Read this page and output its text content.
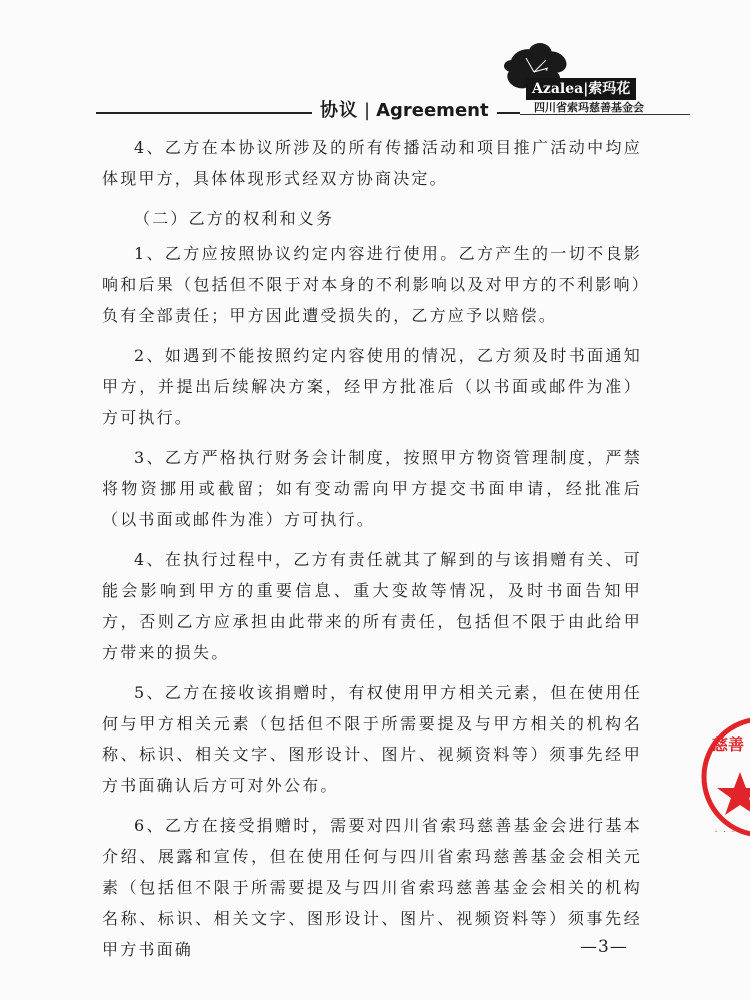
协议 | Agreement
Azalea|索玛花
四川省索玛慈善基金会

4、乙方在本协议所涉及的所有传播活动和项目推广活动中均应体现甲方，具体体现形式经双方协商决定。

（二）乙方的权利和义务

1、乙方应按照协议约定内容进行使用。乙方产生的一切不良影响和后果（包括但不限于对本身的不利影响以及对甲方的不利影响）负有全部责任；甲方因此遭受损失的，乙方应予以赔偿。

2、如遇到不能按照约定内容使用的情况，乙方须及时书面通知甲方，并提出后续解决方案，经甲方批准后（以书面或邮件为准）方可执行。

3、乙方严格执行财务会计制度，按照甲方物资管理制度，严禁将物资挪用或截留；如有变动需向甲方提交书面申请，经批准后（以书面或邮件为准）方可执行。

4、在执行过程中，乙方有责任就其了解到的与该捐赠有关、可能会影响到甲方的重要信息、重大变故等情况，及时书面告知甲方，否则乙方应承担由此带来的所有责任，包括但不限于由此给甲方带来的损失。

5、乙方在接收该捐赠时，有权使用甲方相关元素，但在使用任何与甲方相关元素（包括但不限于所需要提及与甲方相关的机构名称、标识、相关文字、图形设计、图片、视频资料等）须事先经甲方书面确认后方可对外公布。

6、乙方在接受捐赠时，需要对四川省索玛慈善基金会进行基本介绍、展露和宣传，但在使用任何与四川省索玛慈善基金会相关元素（包括但不限于所需要提及与四川省索玛慈善基金会相关的机构名称、标识、相关文字、图形设计、图片、视频资料等）须事先经甲方书面确	—3—
慈善
· · · ·
